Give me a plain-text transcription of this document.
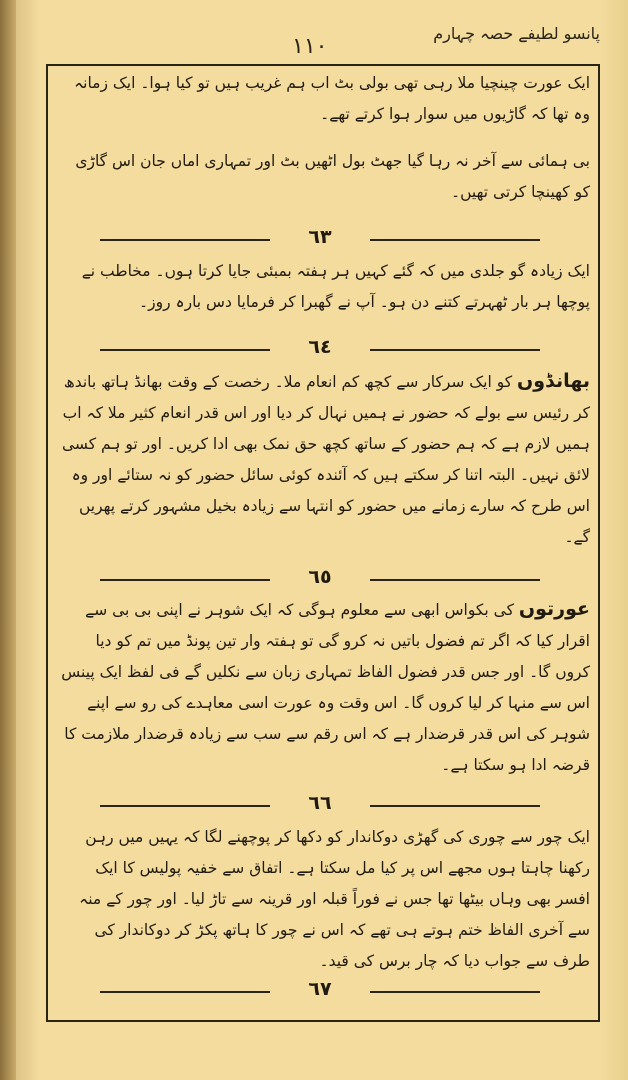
١١٠
پانسو لطیفے حصہ چہارم
ایک عورت چینچیا ملا رہی تھی بولی بٹ اب ہم غریب ہیں تو کیا ہوا۔ ایک زمانہ وہ تھا کہ گاڑیوں میں سوار ہوا کرتے تھے۔
بی ہمائی سے آخر نہ رہا گیا جھٹ بول اٹھیں بٹ اور تمہاری اماں جان اس گاڑی کو کھینچا کرتی تھیں۔
٦٣
ایک زیادہ گو جلدی میں کہ گئے کہیں ہر ہفتہ بمبئی جایا کرتا ہوں۔ مخاطب نے پوچھا ہر بار ٹھہرتے کتنے دن ہو۔ آپ نے گھبرا کر فرمایا دس بارہ روز۔
٦٤
بھانڈوں کو ایک سرکار سے کچھ کم انعام ملا۔ رخصت کے وقت بھانڈ ہاتھ باندھ کر رئیس سے بولے کہ حضور نے ہمیں نہال کر دیا اور اس قدر انعام کثیر ملا کہ اب ہمیں لازم ہے کہ ہم حضور کے ساتھ کچھ حق نمک بھی ادا کریں۔ اور تو ہم کسی لائق نہیں۔ البتہ اتنا کر سکتے ہیں کہ آئندہ کوئی سائل حضور کو نہ ستائے اور وہ اس طرح کہ سارے زمانے میں حضور کو انتہا سے زیادہ بخیل مشہور کرتے پھریں گے۔
٦٥
عورتوں کی بکواس ابھی سے معلوم ہوگی کہ ایک شوہر نے اپنی بی بی سے اقرار کیا کہ اگر تم فضول باتیں نہ کرو گی تو ہفتہ وار تین پونڈ میں تم کو دیا کروں گا۔ اور جس قدر فضول الفاظ تمہاری زبان سے نکلیں گے فی لفظ ایک پینس اس سے منہا کر لیا کروں گا۔ اس وقت وہ عورت اسی معاہدے کی رو سے اپنے شوہر کی اس قدر قرضدار ہے کہ اس رقم سے سب سے زیادہ قرضدار ملازمت کا قرضہ ادا ہو سکتا ہے۔
٦٦
ایک چور سے چوری کی گھڑی دوکاندار کو دکھا کر پوچھنے لگا کہ یہیں میں رہن رکھنا چاہتا ہوں مجھے اس پر کیا مل سکتا ہے۔ اتفاق سے خفیہ پولیس کا ایک افسر بھی وہاں بیٹھا تھا جس نے فوراً قبلہ اور قرینہ سے تاڑ لیا۔ اور چور کے منہ سے آخری الفاظ ختم ہوتے ہی تھے کہ اس نے چور کا ہاتھ پکڑ کر دوکاندار کی طرف سے جواب دیا کہ چار برس کی قید۔
٦٧
